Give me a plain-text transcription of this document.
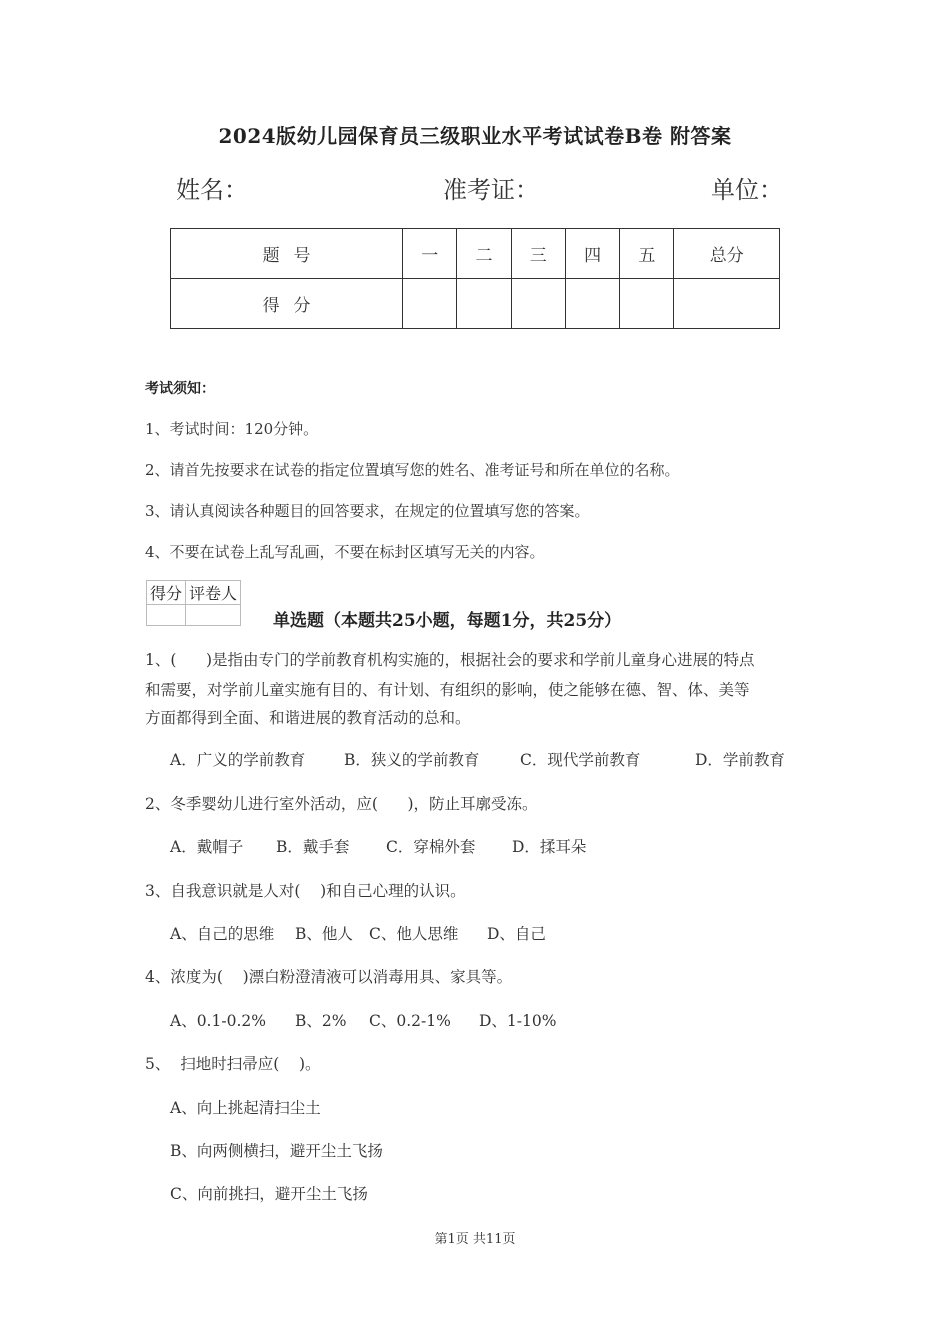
2024版幼儿园保育员三级职业水平考试试卷B卷 附答案
姓名：	准考证：	单位：
题号	一	二	三	四	五	总分
得分						
考试须知：
1、考试时间：120分钟。
2、请首先按要求在试卷的指定位置填写您的姓名、准考证号和所在单位的名称。
3、请认真阅读各种题目的回答要求，在规定的位置填写您的答案。
4、不要在试卷上乱写乱画，不要在标封区填写无关的内容。
得分	评卷人

单选题（本题共25小题，每题1分，共25分）
1、(      )是指由专门的学前教育机构实施的，根据社会的要求和学前儿童身心进展的特点
和需要，对学前儿童实施有目的、有计划、有组织的影响，使之能够在德、智、体、美等
方面都得到全面、和谐进展的教育活动的总和。
A．广义的学前教育	B．狭义的学前教育	C．现代学前教育	D．学前教育
2、冬季婴幼儿进行室外活动，应(      )，防止耳廓受冻。
A．戴帽子 B．戴手套 C．穿棉外套 D．揉耳朵
3、自我意识就是人对(    )和自己心理的认识。
A、自己的思维 B、他人 C、他人思维 D、自己
4、浓度为(    )漂白粉澄清液可以消毒用具、家具等。
A、0.1-0.2% B、2% C、0.2-1% D、1-10%
5、  扫地时扫帚应(    )。
A、向上挑起清扫尘土
B、向两侧横扫，避开尘土飞扬
C、向前挑扫，避开尘土飞扬
第1页 共11页
